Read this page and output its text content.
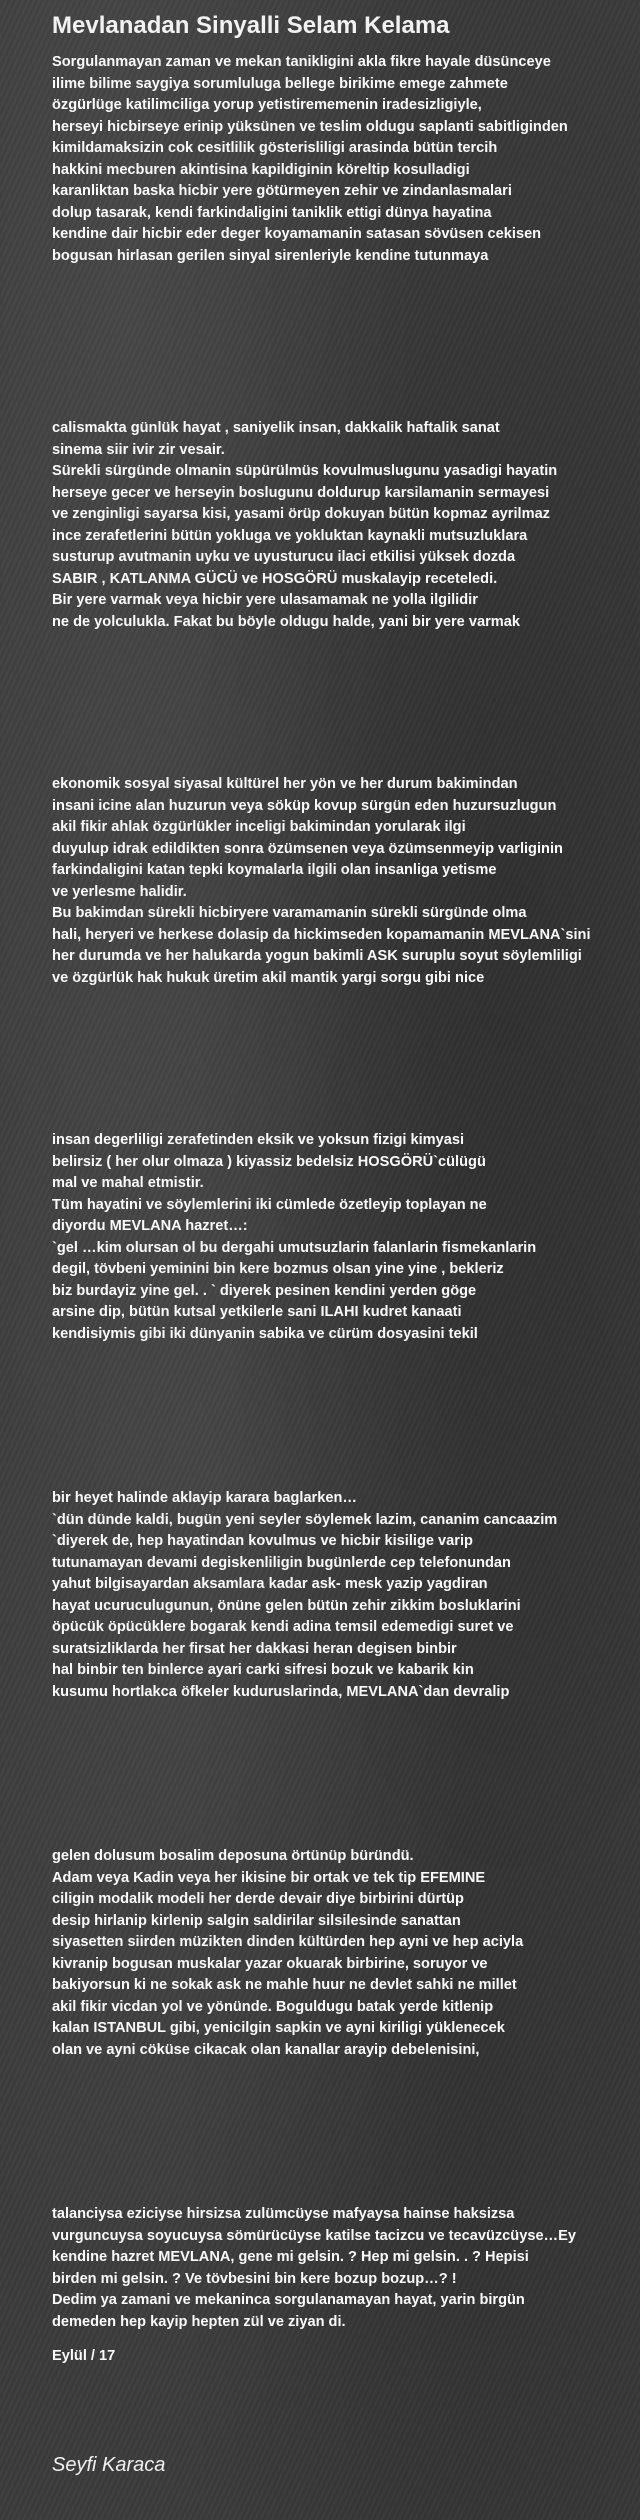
Mevlanadan Sinyalli Selam Kelama
Sorgulanmayan zaman ve mekan tanikligini akla fikre hayale düsünceye
ilime bilime saygiya sorumluluga bellege birikime emege zahmete
özgürlüge katilimciliga yorup yetistirememenin iradesizligiyle,
herseyi hicbirseye erinip yüksünen ve teslim oldugu saplanti sabitliginden
kimildamaksizin cok cesitlilik gösterisliligi arasinda bütün tercih
hakkini mecburen akintisina kapildiginin köreltip kosulladigi
karanliktan baska hicbir yere götürmeyen zehir ve zindanlasmalari
dolup tasarak, kendi farkindaligini taniklik ettigi dünya hayatina
kendine dair hicbir eder deger koyamamanin satasan sövüsen cekisen
bogusan hirlasan gerilen sinyal sirenleriyle kendine tutunmaya
calismakta günlük hayat , saniyelik insan, dakkalik haftalik sanat
sinema siir ivir zir vesair.
Sürekli sürgünde olmanin süpürülmüs kovulmuslugunu yasadigi hayatin
herseye gecer ve herseyin boslugunu doldurup karsilamanin sermayesi
ve zenginligi sayarsa kisi, yasami örüp dokuyan bütün kopmaz ayrilmaz
ince zerafetlerini bütün yokluga ve yokluktan kaynakli mutsuzluklara
susturup avutmanin uyku ve uyusturucu ilaci etkilisi yüksek dozda
SABIR , KATLANMA GÜCÜ ve HOSGÖRÜ muskalayip receteledi.
Bir yere varmak veya hicbir yere ulasamamak ne yolla ilgilidir
ne de yolculukla. Fakat bu böyle oldugu halde, yani bir yere varmak
ekonomik sosyal siyasal kültürel her yön ve her durum bakimindan
insani icine alan huzurun veya söküp kovup sürgün eden huzursuzlugun
akil fikir ahlak özgürlükler inceligi bakimindan yorularak ilgi
duyulup idrak edildikten sonra özümsenen veya özümsenmeyip varliginin
farkindaligini katan tepki koymalarla ilgili olan insanliga yetisme
ve yerlesme halidir.
Bu bakimdan sürekli hicbiryere varamamanin sürekli sürgünde olma
hali, heryeri ve herkese dolasip da hickimseden kopamamanin MEVLANA`sini
her durumda ve her halukarda yogun bakimli ASK suruplu soyut söylemliligi
ve özgürlük hak hukuk üretim akil mantik yargi sorgu gibi nice
insan degerliligi zerafetinden eksik ve yoksun fizigi kimyasi
belirsiz ( her olur olmaza ) kiyassiz bedelsiz HOSGÖRÜ`cülügü
mal ve mahal etmistir.
Tüm hayatini ve söylemlerini iki cümlede özetleyip toplayan ne
diyordu MEVLANA hazret…:
`gel …kim olursan ol bu dergahi umutsuzlarin falanlarin fismekanlarin
degil, tövbeni yeminini bin kere bozmus olsan yine yine , bekleriz
biz burdayiz yine gel. . ` diyerek pesinen kendini yerden göge
arsine dip, bütün kutsal yetkilerle sani ILAHI kudret kanaati
kendisiymis gibi iki dünyanin sabika ve cürüm dosyasini tekil
bir heyet halinde aklayip karara baglarken…
`dün dünde kaldi, bugün yeni seyler söylemek lazim, cananim cancaazim
`diyerek de, hep hayatindan kovulmus ve hicbir kisilige varip
tutunamayan devami degiskenliligin bugünlerde cep telefonundan
yahut bilgisayardan aksamlara kadar ask- mesk yazip yagdiran
hayat ucuruculugunun, önüne gelen bütün zehir zikkim bosluklarini
öpücük öpücüklere bogarak kendi adina temsil edemedigi suret ve
suratsizliklarda her firsat her dakkasi heran degisen binbir
hal binbir ten binlerce ayari carki sifresi bozuk ve kabarik kin
kusumu hortlakca öfkeler kuduruslarinda, MEVLANA`dan devralip
gelen dolusum bosalim deposuna örtünüp büründü.
Adam veya Kadin veya her ikisine bir ortak ve tek tip EFEMINE
ciligin modalik modeli her derde devair diye birbirini dürtüp
desip hirlanip kirlenip salgin saldirilar silsilesinde sanattan
siyasetten siirden müzikten dinden kültürden hep ayni ve hep aciyla
kivranip bogusan muskalar yazar okuarak birbirine, soruyor ve
bakiyorsun ki ne sokak ask ne mahle huur ne devlet sahki ne millet
akil fikir vicdan yol ve yönünde. Boguldugu batak yerde kitlenip
kalan ISTANBUL gibi, yenicilgin sapkin ve ayni kiriligi yüklenecek
olan ve ayni cöküse cikacak olan kanallar arayip debelenisini,
talanciysa eziciyse hirsizsa zulümcüyse mafyaysa hainse haksizsa
vurguncuysa soyucuysa sömürücüyse katilse tacizcu ve tecavüzcüyse…Ey
kendine hazret MEVLANA, gene mi gelsin. ? Hep mi gelsin. . ? Hepisi
birden mi gelsin. ? Ve tövbesini bin kere bozup bozup…? !
Dedim ya zamani ve mekaninca sorgulanamayan hayat, yarin birgün
demeden hep kayip hepten zül ve ziyan di.
Eylül / 17
Seyfi Karaca
